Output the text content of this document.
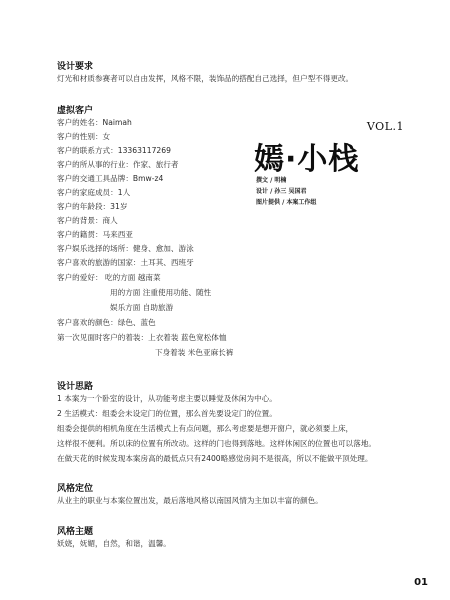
设计要求
灯光和材质参赛者可以自由发挥，风格不限，装饰品的搭配自己选择，但户型不得更改。
虚拟客户
客户的姓名：Naimah
客户的性别：女
客户的联系方式：13363117269
客户的所从事的行业：作家、旅行者
客户的交通工具品牌：Bmw-z4
客户的家庭成员：1人
客户的年龄段：31岁
客户的背景：商人
客户的籍贯：马来西亚
客户娱乐选择的场所：健身、愈加、游泳
客户喜欢的旅游的国家：土耳其、西班牙
客户的爱好： 吃的方面 越南菜
用的方面 注重使用功能、随性
娱乐方面 自助旅游
客户喜欢的颜色：绿色、蓝色
第一次见面时客户的着装：上衣着装 蓝色宽松体恤
下身着装 米色亚麻长裤
VOL.1
嫣·小栈
撰文 / 明楠
设计 / 孙三 吴国君
图片提供 / 本案工作组
设计思路
1 本案为一个卧室的设计，从功能考虑主要以睡觉及休闲为中心。
2 生活模式：组委会未设定门的位置，那么首先要设定门的位置。
组委会提供的相机角度在生活模式上有点问题，那么考虑要是想开窗户，就必须要上床，
这样很不便利。所以床的位置有所改动。这样的门也得到落地。这样休闲区的位置也可以落地。
在做天花的时候发现本案房高的最低点只有2400略感觉房间不是很高，所以不能做平顶处理。
风格定位
从业主的职业与本案位置出发，最后落地风格以南国风情为主加以丰富的颜色。
风格主题
妖娆，妩媚，自然，和谐，温馨。
01
